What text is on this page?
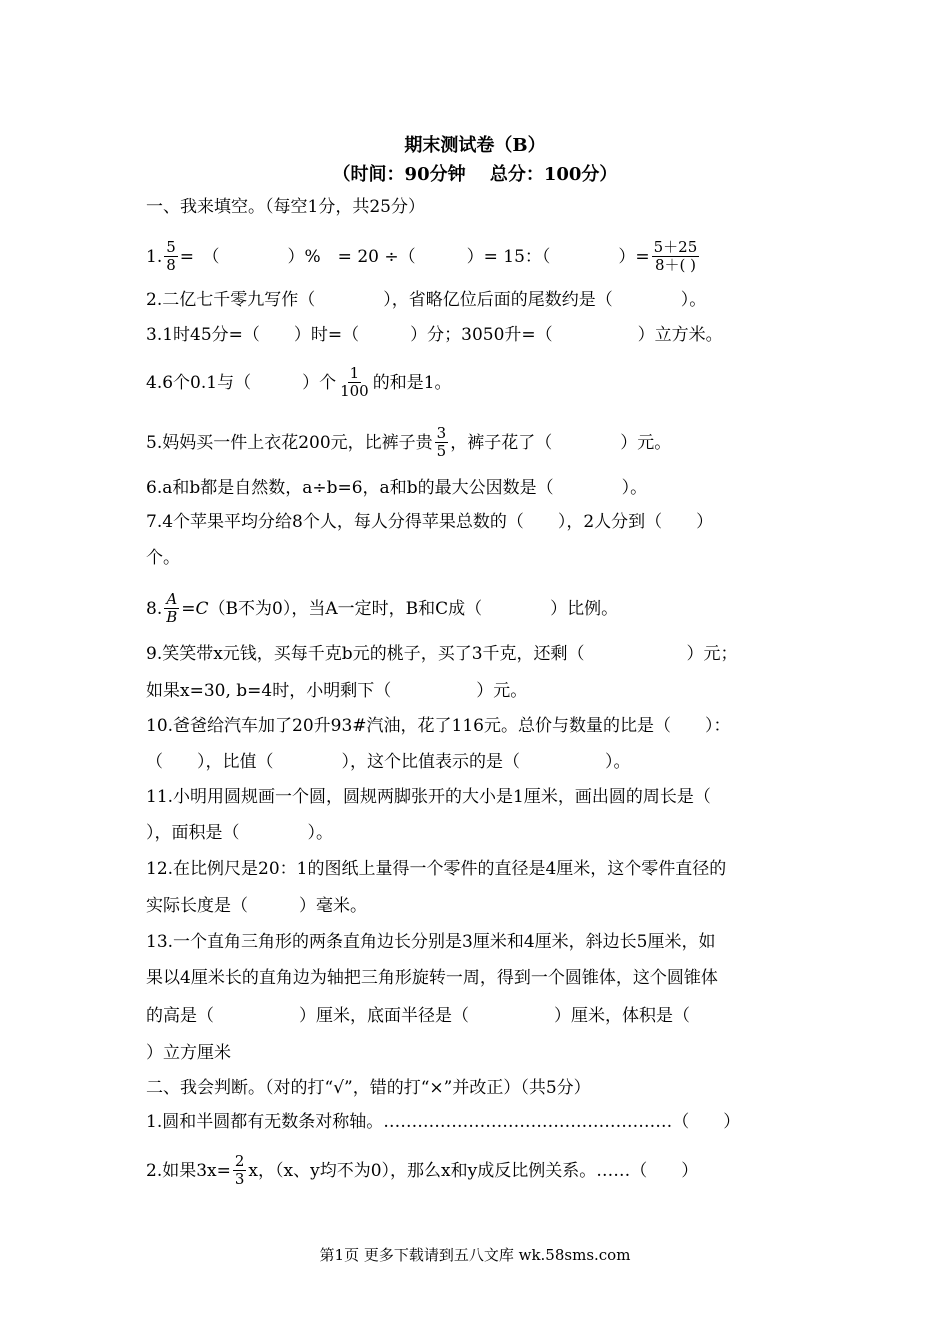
期末测试卷（B）
（时间：90分钟　 总分：100分）
一、我来填空。（每空1分，共25分）
1. $\frac{5}{8}$ =　（　　　　）%　= 20 ÷（　　　）= 15：（　　　　）= $\frac{5+25}{8+( )}$
2.二亿七千零九写作（　　　　），省略亿位后面的尾数约是（　　　　）。
3.1时45分=（　　）时=（　　　）分；3050升=（　　　　　）立方米。
4.6个0.1与（　　　）个 $\frac{1}{100}$ 的和是1。
5.妈妈买一件上衣花200元，比裤子贵 $\frac{3}{5}$ ，裤子花了（　　　　）元。
6.a和b都是自然数，a÷b=6，a和b的最大公因数是（　　　　）。
7.4个苹果平均分给8个人，每人分得苹果总数的（　　），2人分到（　　）
个。
8. $\frac{A}{B} =C(B$不为0），当A一定时，B和C成（　　　　）比例。
9.笑笑带x元钱，买每千克b元的桃子，买了3千克，还剩（　　　　　　）元；
如果x=30, b=4时，小明剩下（　　　　　）元。
10.爸爸给汽车加了20升93#汽油，花了116元。总价与数量的比是（　　）：
（　　），比值（　　　　），这个比值表示的是（　　　　　）。
11.小明用圆规画一个圆，圆规两脚张开的大小是1厘米，画出圆的周长是（
），面积是（　　　　）。
12.在比例尺是20：1的图纸上量得一个零件的直径是4厘米，这个零件直径的
实际长度是（　　　）毫米。
13.一个直角三角形的两条直角边长分别是3厘米和4厘米，斜边长5厘米，如
果以4厘米长的直角边为轴把三角形旋转一周，得到一个圆锥体，这个圆锥体
的高是（　　　　　）厘米，底面半径是（　　　　　）厘米，体积是（
）立方厘米
二、我会判断。（对的打“√”，错的打“×”并改正）（共5分）
1.圆和半圆都有无数条对称轴。……………………………………………（　　）
2.如果$3x= \frac{2}{3}$ x，（x、y均不为0），那么x和y成反比例关系。……（　　）
第1页 更多下载请到五八文库 wk.58sms.com
